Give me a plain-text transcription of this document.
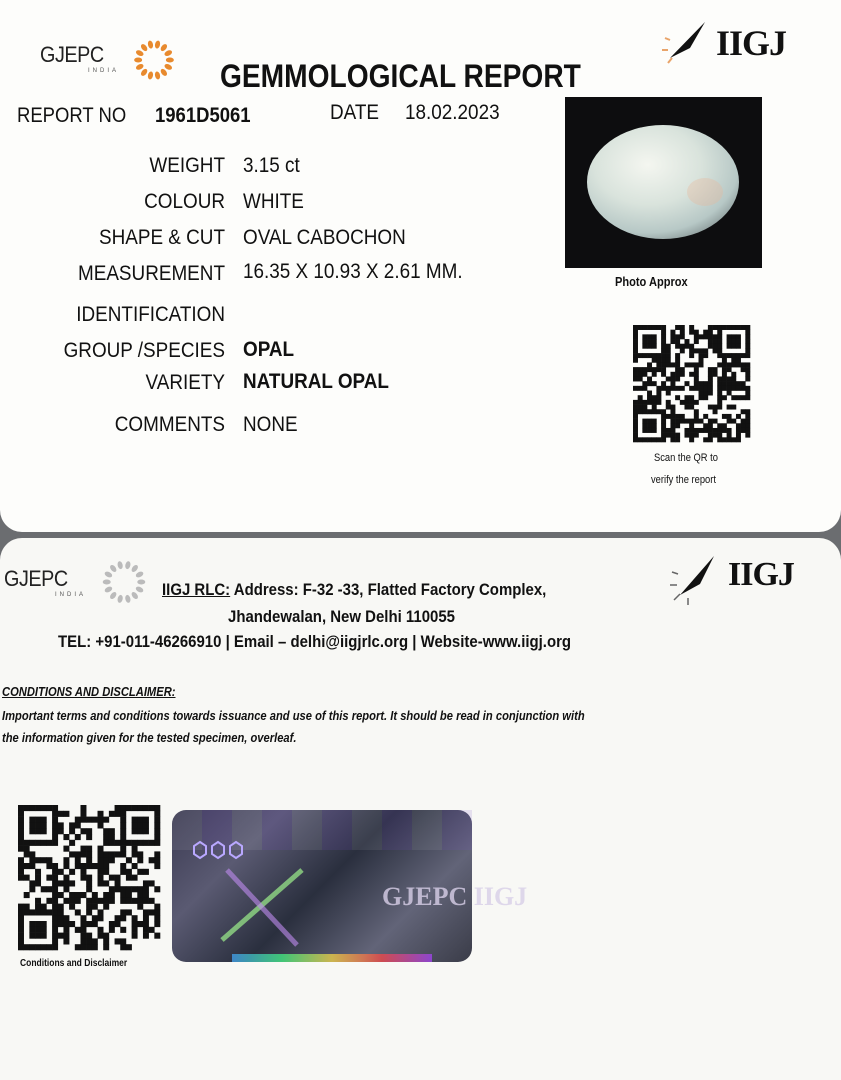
GJEPC
INDIA
IIGJ
GEMMOLOGICAL REPORT
REPORT NO 1961D5061	DATE 18.02.2023
WEIGHT 3.15 ct
COLOUR WHITE
SHAPE & CUT OVAL CABOCHON
MEASUREMENT 16.35 X 10.93 X 2.61 MM.
IDENTIFICATION
GROUP /SPECIES OPAL
VARIETY NATURAL OPAL
COMMENTS NONE
Photo Approx
Scan the QR to
verify the report
GJEPC
INDIA	IIGJ RLC: Address: F-32 -33, Flatted Factory Complex,
Jhandewalan, New Delhi 110055
TEL: +91-011-46266910 | Email – delhi@iigjrlc.org | Website-www.iigj.org
IIGJ
CONDITIONS AND DISCLAIMER:
Important terms and conditions towards issuance and use of this report. It should be read in conjunction with
the information given for the tested specimen, overleaf.
Conditions and Disclaimer
GJEPC IIGJ
